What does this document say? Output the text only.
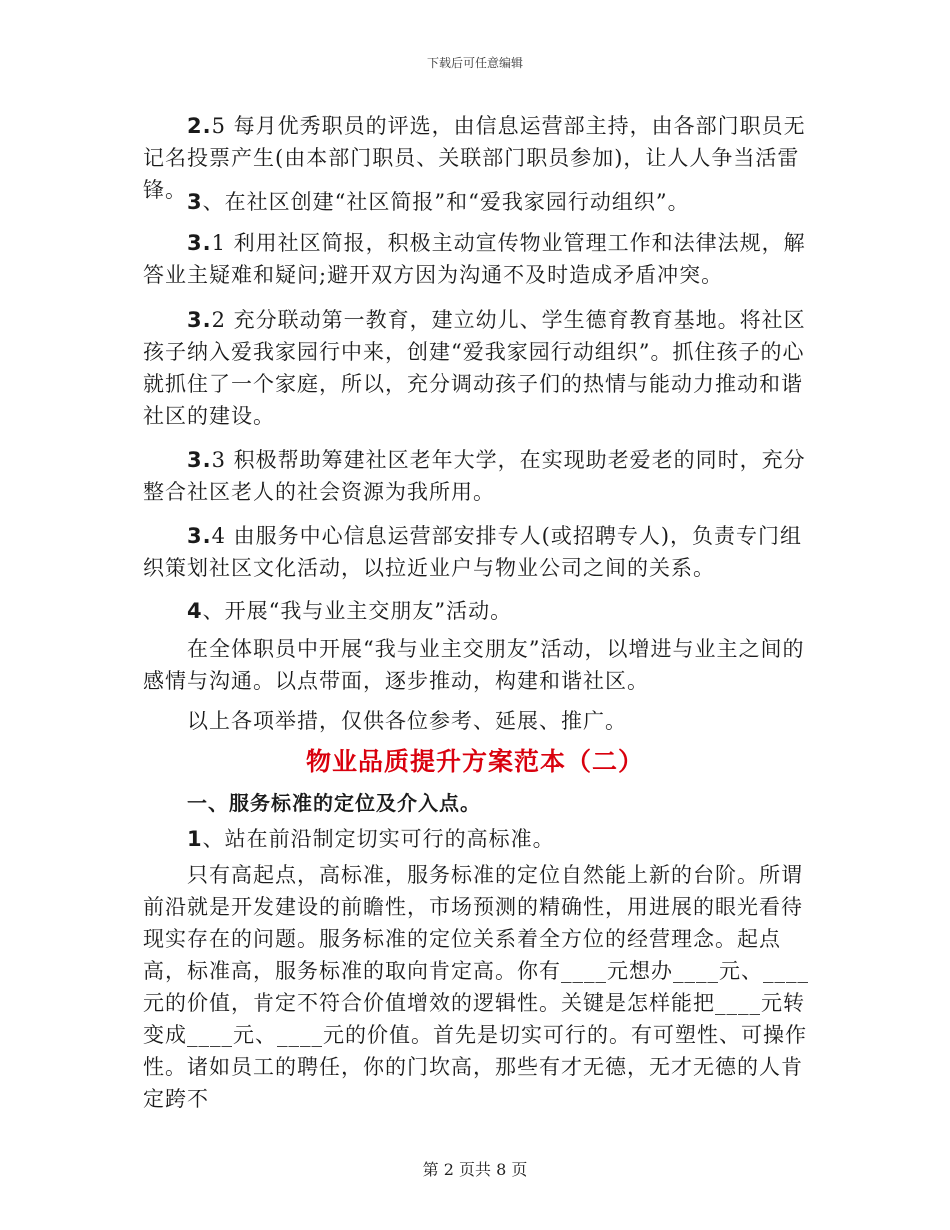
下载后可任意编辑
2.5 每月优秀职员的评选，由信息运营部主持，由各部门职员无记名投票产生(由本部门职员、关联部门职员参加)，让人人争当活雷锋。 3、在社区创建“社区简报”和“爱我家园行动组织”。
3.1 利用社区简报，积极主动宣传物业管理工作和法律法规，解答业主疑难和疑问;避开双方因为沟通不及时造成矛盾冲突。
3.2 充分联动第一教育，建立幼儿、学生德育教育基地。将社区孩子纳入爱我家园行中来，创建“爱我家园行动组织”。抓住孩子的心就抓住了一个家庭，所以，充分调动孩子们的热情与能动力推动和谐社区的建设。
3.3 积极帮助筹建社区老年大学，在实现助老爱老的同时，充分整合社区老人的社会资源为我所用。
3.4 由服务中心信息运营部安排专人(或招聘专人)，负责专门组织策划社区文化活动，以拉近业户与物业公司之间的关系。
4、开展“我与业主交朋友”活动。
在全体职员中开展“我与业主交朋友”活动，以增进与业主之间的感情与沟通。以点带面，逐步推动，构建和谐社区。
以上各项举措，仅供各位参考、延展、推广。
物业品质提升方案范本（二）
一、服务标准的定位及介入点。
1、站在前沿制定切实可行的高标准。
只有高起点，高标准，服务标准的定位自然能上新的台阶。所谓前沿就是开发建设的前瞻性，市场预测的精确性，用进展的眼光看待现实存在的问题。服务标准的定位关系着全方位的经营理念。起点高，标准高，服务标准的取向肯定高。你有____元想办____元、____元的价值，肯定不符合价值增效的逻辑性。关键是怎样能把____元转变成____元、____元的价值。首先是切实可行的。有可塑性、可操作性。诸如员工的聘任，你的门坎高，那些有才无德，无才无德的人肯定跨不
第 2 页共 8 页
